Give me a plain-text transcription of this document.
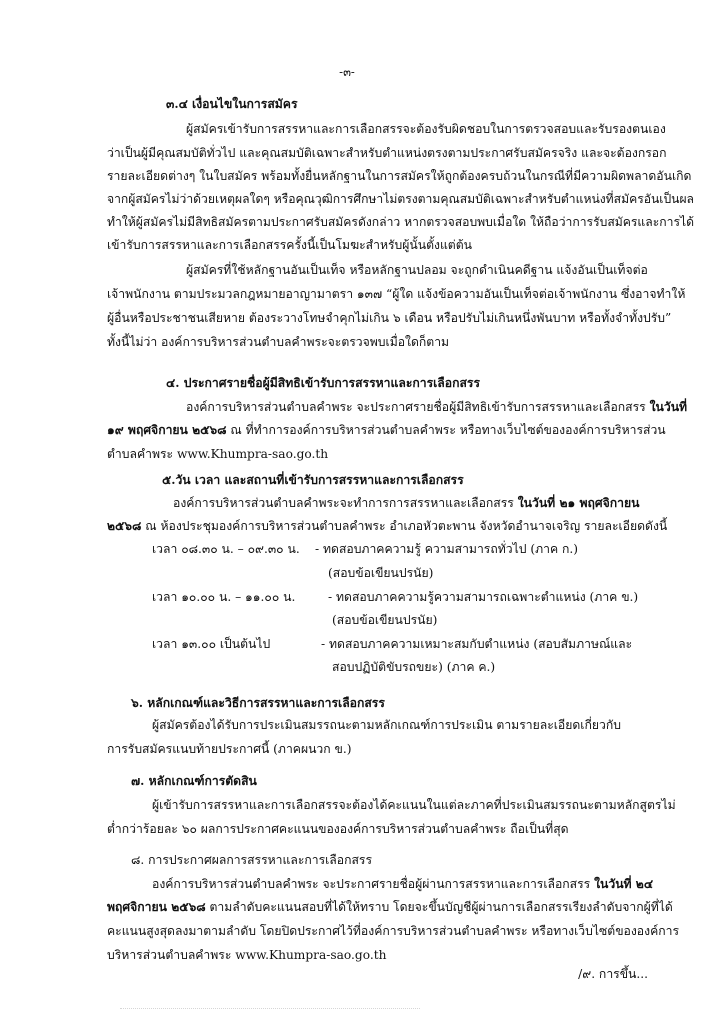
-๓-
๓.๔ เงื่อนไขในการสมัคร
ผู้สมัครเข้ารับการสรรหาและการเลือกสรรจะต้องรับผิดชอบในการตรวจสอบและรับรองตนเอง
ว่าเป็นผู้มีคุณสมบัติทั่วไป และคุณสมบัติเฉพาะสำหรับตำแหน่งตรงตามประกาศรับสมัครจริง และจะต้องกรอก
รายละเอียดต่างๆ ในใบสมัคร พร้อมทั้งยื่นหลักฐานในการสมัครให้ถูกต้องครบถ้วนในกรณีที่มีความผิดพลาดอันเกิด
จากผู้สมัครไม่ว่าด้วยเหตุผลใดๆ หรือคุณวุฒิการศึกษาไม่ตรงตามคุณสมบัติเฉพาะสำหรับตำแหน่งที่สมัครอันเป็นผล
ทำให้ผู้สมัครไม่มีสิทธิสมัครตามประกาศรับสมัครดังกล่าว หากตรวจสอบพบเมื่อใด ให้ถือว่าการรับสมัครและการได้
เข้ารับการสรรหาและการเลือกสรรครั้งนี้เป็นโมฆะสำหรับผู้นั้นตั้งแต่ต้น
ผู้สมัครที่ใช้หลักฐานอันเป็นเท็จ หรือหลักฐานปลอม จะถูกดำเนินคดีฐาน แจ้งอันเป็นเท็จต่อ
เจ้าพนักงาน ตามประมวลกฎหมายอาญามาตรา ๑๓๗ “ผู้ใด แจ้งข้อความอันเป็นเท็จต่อเจ้าพนักงาน ซึ่งอาจทำให้
ผู้อื่นหรือประชาชนเสียหาย ต้องระวางโทษจำคุกไม่เกิน ๖ เดือน หรือปรับไม่เกินหนึ่งพันบาท หรือทั้งจำทั้งปรับ”
ทั้งนี้ไม่ว่า องค์การบริหารส่วนตำบลคำพระจะตรวจพบเมื่อใดก็ตาม
๔. ประกาศรายชื่อผู้มีสิทธิเข้ารับการสรรหาและการเลือกสรร
องค์การบริหารส่วนตำบลคำพระ จะประกาศรายชื่อผู้มีสิทธิเข้ารับการสรรหาและเลือกสรร ในวันที่
๑๙ พฤศจิกายน ๒๕๖๘ ณ ที่ทำการองค์การบริหารส่วนตำบลคำพระ หรือทางเว็บไซต์ขององค์การบริหารส่วน
ตำบลคำพระ www.Khumpra-sao.go.th
๕.วัน เวลา และสถานที่เข้ารับการสรรหาและการเลือกสรร
องค์การบริหารส่วนตำบลคำพระจะทำการการสรรหาและเลือกสรร ในวันที่ ๒๑ พฤศจิกายน
๒๕๖๘ ณ ห้องประชุมองค์การบริหารส่วนตำบลคำพระ อำเภอหัวตะพาน จังหวัดอำนาจเจริญ รายละเอียดดังนี้
เวลา ๐๘.๓๐ น. – ๐๙.๓๐ น. - ทดสอบภาคความรู้ ความสามารถทั่วไป (ภาค ก.)
(สอบข้อเขียนปรนัย)
เวลา ๑๐.๐๐ น. – ๑๑.๐๐ น.	- ทดสอบภาคความรู้ความสามารถเฉพาะตำแหน่ง (ภาค ข.)
(สอบข้อเขียนปรนัย)
เวลา ๑๓.๐๐ เป็นต้นไป	- ทดสอบภาคความเหมาะสมกับตำแหน่ง (สอบสัมภาษณ์และ
สอบปฏิบัติขับรถขยะ) (ภาค ค.)
๖. หลักเกณฑ์และวิธีการสรรหาและการเลือกสรร
ผู้สมัครต้องได้รับการประเมินสมรรถนะตามหลักเกณฑ์การประเมิน ตามรายละเอียดเกี่ยวกับ
การรับสมัครแนบท้ายประกาศนี้ (ภาคผนวก ข.)
๗. หลักเกณฑ์การตัดสิน
ผู้เข้ารับการสรรหาและการเลือกสรรจะต้องได้คะแนนในแต่ละภาคที่ประเมินสมรรถนะตามหลักสูตรไม่
ต่ำกว่าร้อยละ ๖๐ ผลการประกาศคะแนนขององค์การบริหารส่วนตำบลคำพระ ถือเป็นที่สุด
๘. การประกาศผลการสรรหาและการเลือกสรร
องค์การบริหารส่วนตำบลคำพระ จะประกาศรายชื่อผู้ผ่านการสรรหาและการเลือกสรร ในวันที่ ๒๔
พฤศจิกายน ๒๕๖๘ ตามลำดับคะแนนสอบที่ได้ให้ทราบ โดยจะขึ้นบัญชีผู้ผ่านการเลือกสรรเรียงลำดับจากผู้ที่ได้
คะแนนสูงสุดลงมาตามลำดับ โดยปิดประกาศไว้ที่องค์การบริหารส่วนตำบลคำพระ หรือทางเว็บไซต์ขององค์การ
บริหารส่วนตำบลคำพระ www.Khumpra-sao.go.th
/๙. การขึ้น...
